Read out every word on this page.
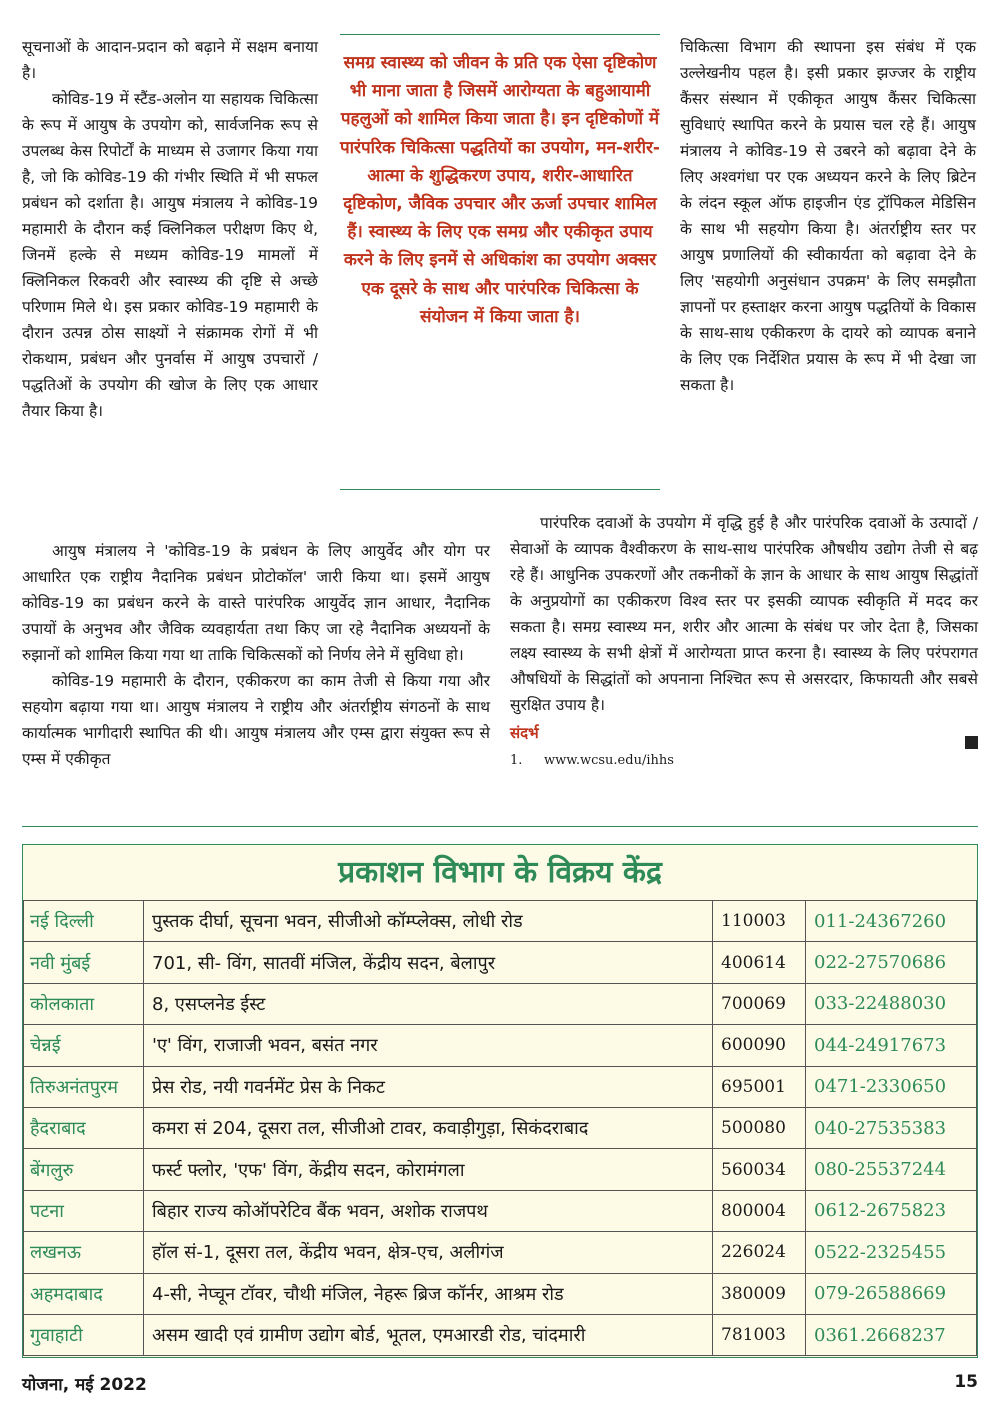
सूचनाओं के आदान-प्रदान को बढ़ाने में सक्षम बनाया है।

कोविड-19 में स्टैंड-अलोन या सहायक चिकित्सा के रूप में आयुष के उपयोग को, सार्वजनिक रूप से उपलब्ध केस रिपोर्टों के माध्यम से उजागर किया गया है, जो कि कोविड-19 की गंभीर स्थिति में भी सफल प्रबंधन को दर्शाता है। आयुष मंत्रालय ने कोविड-19 महामारी के दौरान कई क्लिनिकल परीक्षण किए थे, जिनमें हल्के से मध्यम कोविड-19 मामलों में क्लिनिकल रिकवरी और स्वास्थ्य की दृष्टि से अच्छे परिणाम मिले थे। इस प्रकार कोविड-19 महामारी के दौरान उत्पन्न ठोस साक्ष्यों ने संक्रामक रोगों में भी रोकथाम, प्रबंधन और पुनर्वास में आयुष उपचारों / पद्धतिओं के उपयोग की खोज के लिए एक आधार तैयार किया है।

समग्र स्वास्थ्य को जीवन के प्रति एक ऐसा दृष्टिकोण भी माना जाता है जिसमें आरोग्यता के बहुआयामी पहलुओं को शामिल किया जाता है। इन दृष्टिकोणों में पारंपरिक चिकित्सा पद्धतियों का उपयोग, मन-शरीर-आत्मा के शुद्धिकरण उपाय, शरीर-आधारित दृष्टिकोण, जैविक उपचार और ऊर्जा उपचार शामिल हैं। स्वास्थ्य के लिए एक समग्र और एकीकृत उपाय करने के लिए इनमें से अधिकांश का उपयोग अक्सर एक दूसरे के साथ और पारंपरिक चिकित्सा के संयोजन में किया जाता है।

चिकित्सा विभाग की स्थापना इस संबंध में एक उल्लेखनीय पहल है। इसी प्रकार झज्जर के राष्ट्रीय कैंसर संस्थान में एकीकृत आयुष कैंसर चिकित्सा सुविधाएं स्थापित करने के प्रयास चल रहे हैं। आयुष मंत्रालय ने कोविड-19 से उबरने को बढ़ावा देने के लिए अश्वगंधा पर एक अध्ययन करने के लिए ब्रिटेन के लंदन स्कूल ऑफ हाइजीन एंड ट्रॉपिकल मेडिसिन के साथ भी सहयोग किया है। अंतर्राष्ट्रीय स्तर पर आयुष प्रणालियों की स्वीकार्यता को बढ़ावा देने के लिए 'सहयोगी अनुसंधान उपक्रम' के लिए समझौता ज्ञापनों पर हस्ताक्षर करना आयुष पद्धतियों के विकास के साथ-साथ एकीकरण के दायरे को व्यापक बनाने के लिए एक निर्देशित प्रयास के रूप में भी देखा जा सकता है।

आयुष मंत्रालय ने 'कोविड-19 के प्रबंधन के लिए आयुर्वेद और योग पर आधारित एक राष्ट्रीय नैदानिक प्रबंधन प्रोटोकॉल' जारी किया था। इसमें आयुष कोविड-19 का प्रबंधन करने के वास्ते पारंपरिक आयुर्वेद ज्ञान आधार, नैदानिक उपायों के अनुभव और जैविक व्यवहार्यता तथा किए जा रहे नैदानिक अध्ययनों के रुझानों को शामिल किया गया था ताकि चिकित्सकों को निर्णय लेने में सुविधा हो।

कोविड-19 महामारी के दौरान, एकीकरण का काम तेजी से किया गया और सहयोग बढ़ाया गया था। आयुष मंत्रालय ने राष्ट्रीय और अंतर्राष्ट्रीय संगठनों के साथ कार्यात्मक भागीदारी स्थापित की थी। आयुष मंत्रालय और एम्स द्वारा संयुक्त रूप से एम्स में एकीकृत

पारंपरिक दवाओं के उपयोग में वृद्धि हुई है और पारंपरिक दवाओं के उत्पादों / सेवाओं के व्यापक वैश्वीकरण के साथ-साथ पारंपरिक औषधीय उद्योग तेजी से बढ़ रहे हैं। आधुनिक उपकरणों और तकनीकों के ज्ञान के आधार के साथ आयुष सिद्धांतों के अनुप्रयोगों का एकीकरण विश्व स्तर पर इसकी व्यापक स्वीकृति में मदद कर सकता है। समग्र स्वास्थ्य मन, शरीर और आत्मा के संबंध पर जोर देता है, जिसका लक्ष्य स्वास्थ्य के सभी क्षेत्रों में आरोग्यता प्राप्त करना है। स्वास्थ्य के लिए परंपरागत औषधियों के सिद्धांतों को अपनाना निश्चित रूप से असरदार, किफायती और सबसे सुरक्षित उपाय है।

संदर्भ
1. www.wcsu.edu/ihhs
प्रकाशन विभाग के विक्रय केंद्र
नई दिल्ली	पुस्तक दीर्घा, सूचना भवन, सीजीओ कॉम्प्लेक्स, लोधी रोड	110003	011-24367260
नवी मुंबई	701, सी- विंग, सातवीं मंजिल, केंद्रीय सदन, बेलापुर	400614	022-27570686
कोलकाता	8, एसप्लनेड ईस्ट	700069	033-22488030
चेन्नई	'ए' विंग, राजाजी भवन, बसंत नगर	600090	044-24917673
तिरुअनंतपुरम	प्रेस रोड, नयी गवर्नमेंट प्रेस के निकट	695001	0471-2330650
हैदराबाद	कमरा सं 204, दूसरा तल, सीजीओ टावर, कवाड़ीगुड़ा, सिकंदराबाद	500080	040-27535383
बेंगलुरु	फर्स्ट फ्लोर, 'एफ' विंग, केंद्रीय सदन, कोरामंगला	560034	080-25537244
पटना	बिहार राज्य कोऑपरेटिव बैंक भवन, अशोक राजपथ	800004	0612-2675823
लखनऊ	हॉल सं-1, दूसरा तल, केंद्रीय भवन, क्षेत्र-एच, अलीगंज	226024	0522-2325455
अहमदाबाद	4-सी, नेप्चून टॉवर, चौथी मंजिल, नेहरू ब्रिज कॉर्नर, आश्रम रोड	380009	079-26588669
गुवाहाटी	असम खादी एवं ग्रामीण उद्योग बोर्ड, भूतल, एमआरडी रोड, चांदमारी	781003	0361.2668237
योजना, मई 2022	15
